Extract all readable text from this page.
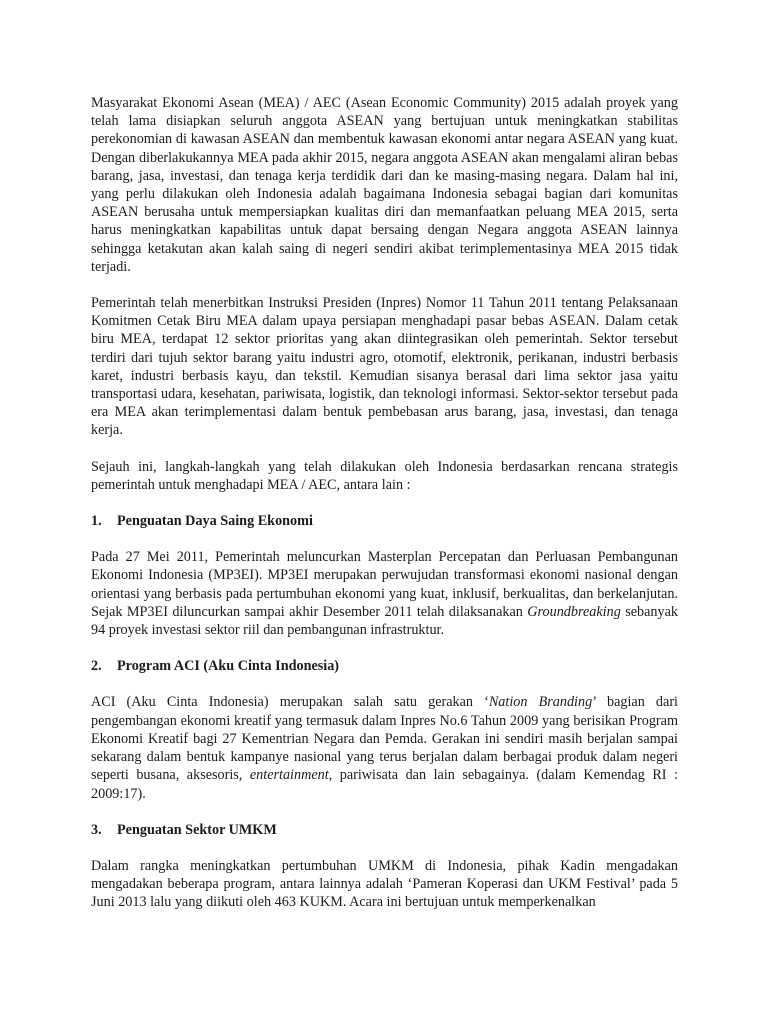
Masyarakat Ekonomi Asean (MEA) / AEC (Asean Economic Community) 2015 adalah proyek yang telah lama disiapkan seluruh anggota ASEAN yang bertujuan untuk meningkatkan stabilitas perekonomian di kawasan ASEAN dan membentuk kawasan ekonomi antar negara ASEAN yang kuat. Dengan diberlakukannya MEA pada akhir 2015, negara anggota ASEAN akan mengalami aliran bebas barang, jasa, investasi, dan tenaga kerja terdidik dari dan ke masing-masing negara. Dalam hal ini, yang perlu dilakukan oleh Indonesia adalah bagaimana Indonesia sebagai bagian dari komunitas ASEAN berusaha untuk mempersiapkan kualitas diri dan memanfaatkan peluang MEA 2015, serta harus meningkatkan kapabilitas untuk dapat bersaing dengan Negara anggota ASEAN lainnya sehingga ketakutan akan kalah saing di negeri sendiri akibat terimplementasinya MEA 2015 tidak terjadi.

Pemerintah telah menerbitkan Instruksi Presiden (Inpres) Nomor 11 Tahun 2011 tentang Pelaksanaan Komitmen Cetak Biru MEA dalam upaya persiapan menghadapi pasar bebas ASEAN. Dalam cetak biru MEA, terdapat 12 sektor prioritas yang akan diintegrasikan oleh pemerintah. Sektor tersebut terdiri dari tujuh sektor barang yaitu industri agro, otomotif, elektronik, perikanan, industri berbasis karet, industri berbasis kayu, dan tekstil. Kemudian sisanya berasal dari lima sektor jasa yaitu transportasi udara, kesehatan, pariwisata, logistik, dan teknologi informasi. Sektor-sektor tersebut pada era MEA akan terimplementasi dalam bentuk pembebasan arus barang, jasa, investasi, dan tenaga kerja.

Sejauh ini, langkah-langkah yang telah dilakukan oleh Indonesia berdasarkan rencana strategis pemerintah untuk menghadapi MEA / AEC, antara lain :

1.	Penguatan Daya Saing Ekonomi

Pada 27 Mei 2011, Pemerintah meluncurkan Masterplan Percepatan dan Perluasan Pembangunan Ekonomi Indonesia (MP3EI). MP3EI merupakan perwujudan transformasi ekonomi nasional dengan orientasi yang berbasis pada pertumbuhan ekonomi yang kuat, inklusif, berkualitas, dan berkelanjutan. Sejak MP3EI diluncurkan sampai akhir Desember 2011 telah dilaksanakan Groundbreaking sebanyak 94 proyek investasi sektor riil dan pembangunan infrastruktur.

2.	Program ACI (Aku Cinta Indonesia)

ACI (Aku Cinta Indonesia) merupakan salah satu gerakan ‘Nation Branding’ bagian dari pengembangan ekonomi kreatif yang termasuk dalam Inpres No.6 Tahun 2009 yang berisikan Program Ekonomi Kreatif bagi 27 Kementrian Negara dan Pemda. Gerakan ini sendiri masih berjalan sampai sekarang dalam bentuk kampanye nasional yang terus berjalan dalam berbagai produk dalam negeri seperti busana, aksesoris, entertainment, pariwisata dan lain sebagainya. (dalam Kemendag RI : 2009:17).

3.	Penguatan Sektor UMKM

Dalam rangka meningkatkan pertumbuhan UMKM di Indonesia, pihak Kadin mengadakan mengadakan beberapa program, antara lainnya adalah ‘Pameran Koperasi dan UKM Festival’ pada 5 Juni 2013 lalu yang diikuti oleh 463 KUKM. Acara ini bertujuan untuk memperkenalkan
